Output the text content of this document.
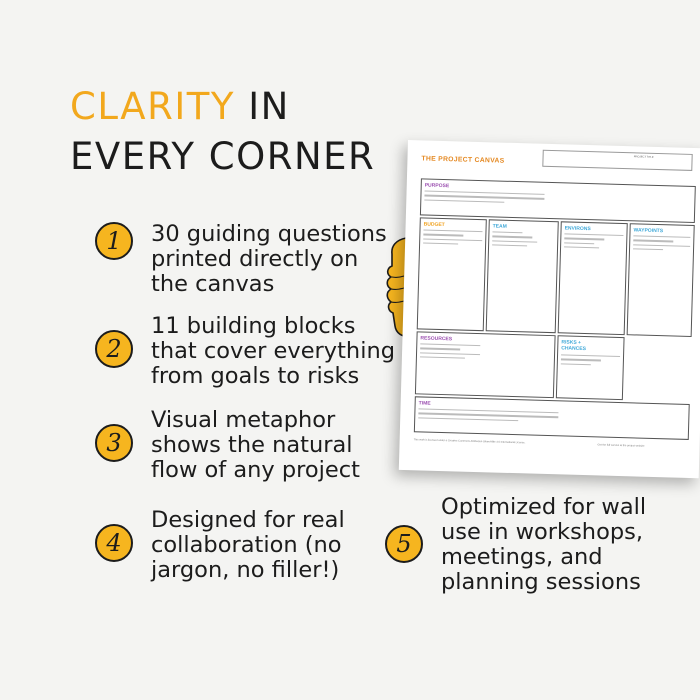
CLARITY IN
EVERY CORNER
1	30 guiding questions printed directly on the canvas
2
11 building blocks that cover everything from goals to risks
3
Visual metaphor shows the natural flow of any project
4
Designed for real collaboration (no jargon, no filler!)
5
Optimized for wall use in workshops, meetings, and planning sessions
THE PROJECT CANVAS	PROJECT TITLE
PURPOSE
BUDGET	TEAM	ENVIRONS	WAYPOINTS
RESOURCES
RISKS + CHANCES
TIME
This work is licensed under a Creative Commons Attribution-ShareAlike 4.0 International License.
Get the full version at the project website
